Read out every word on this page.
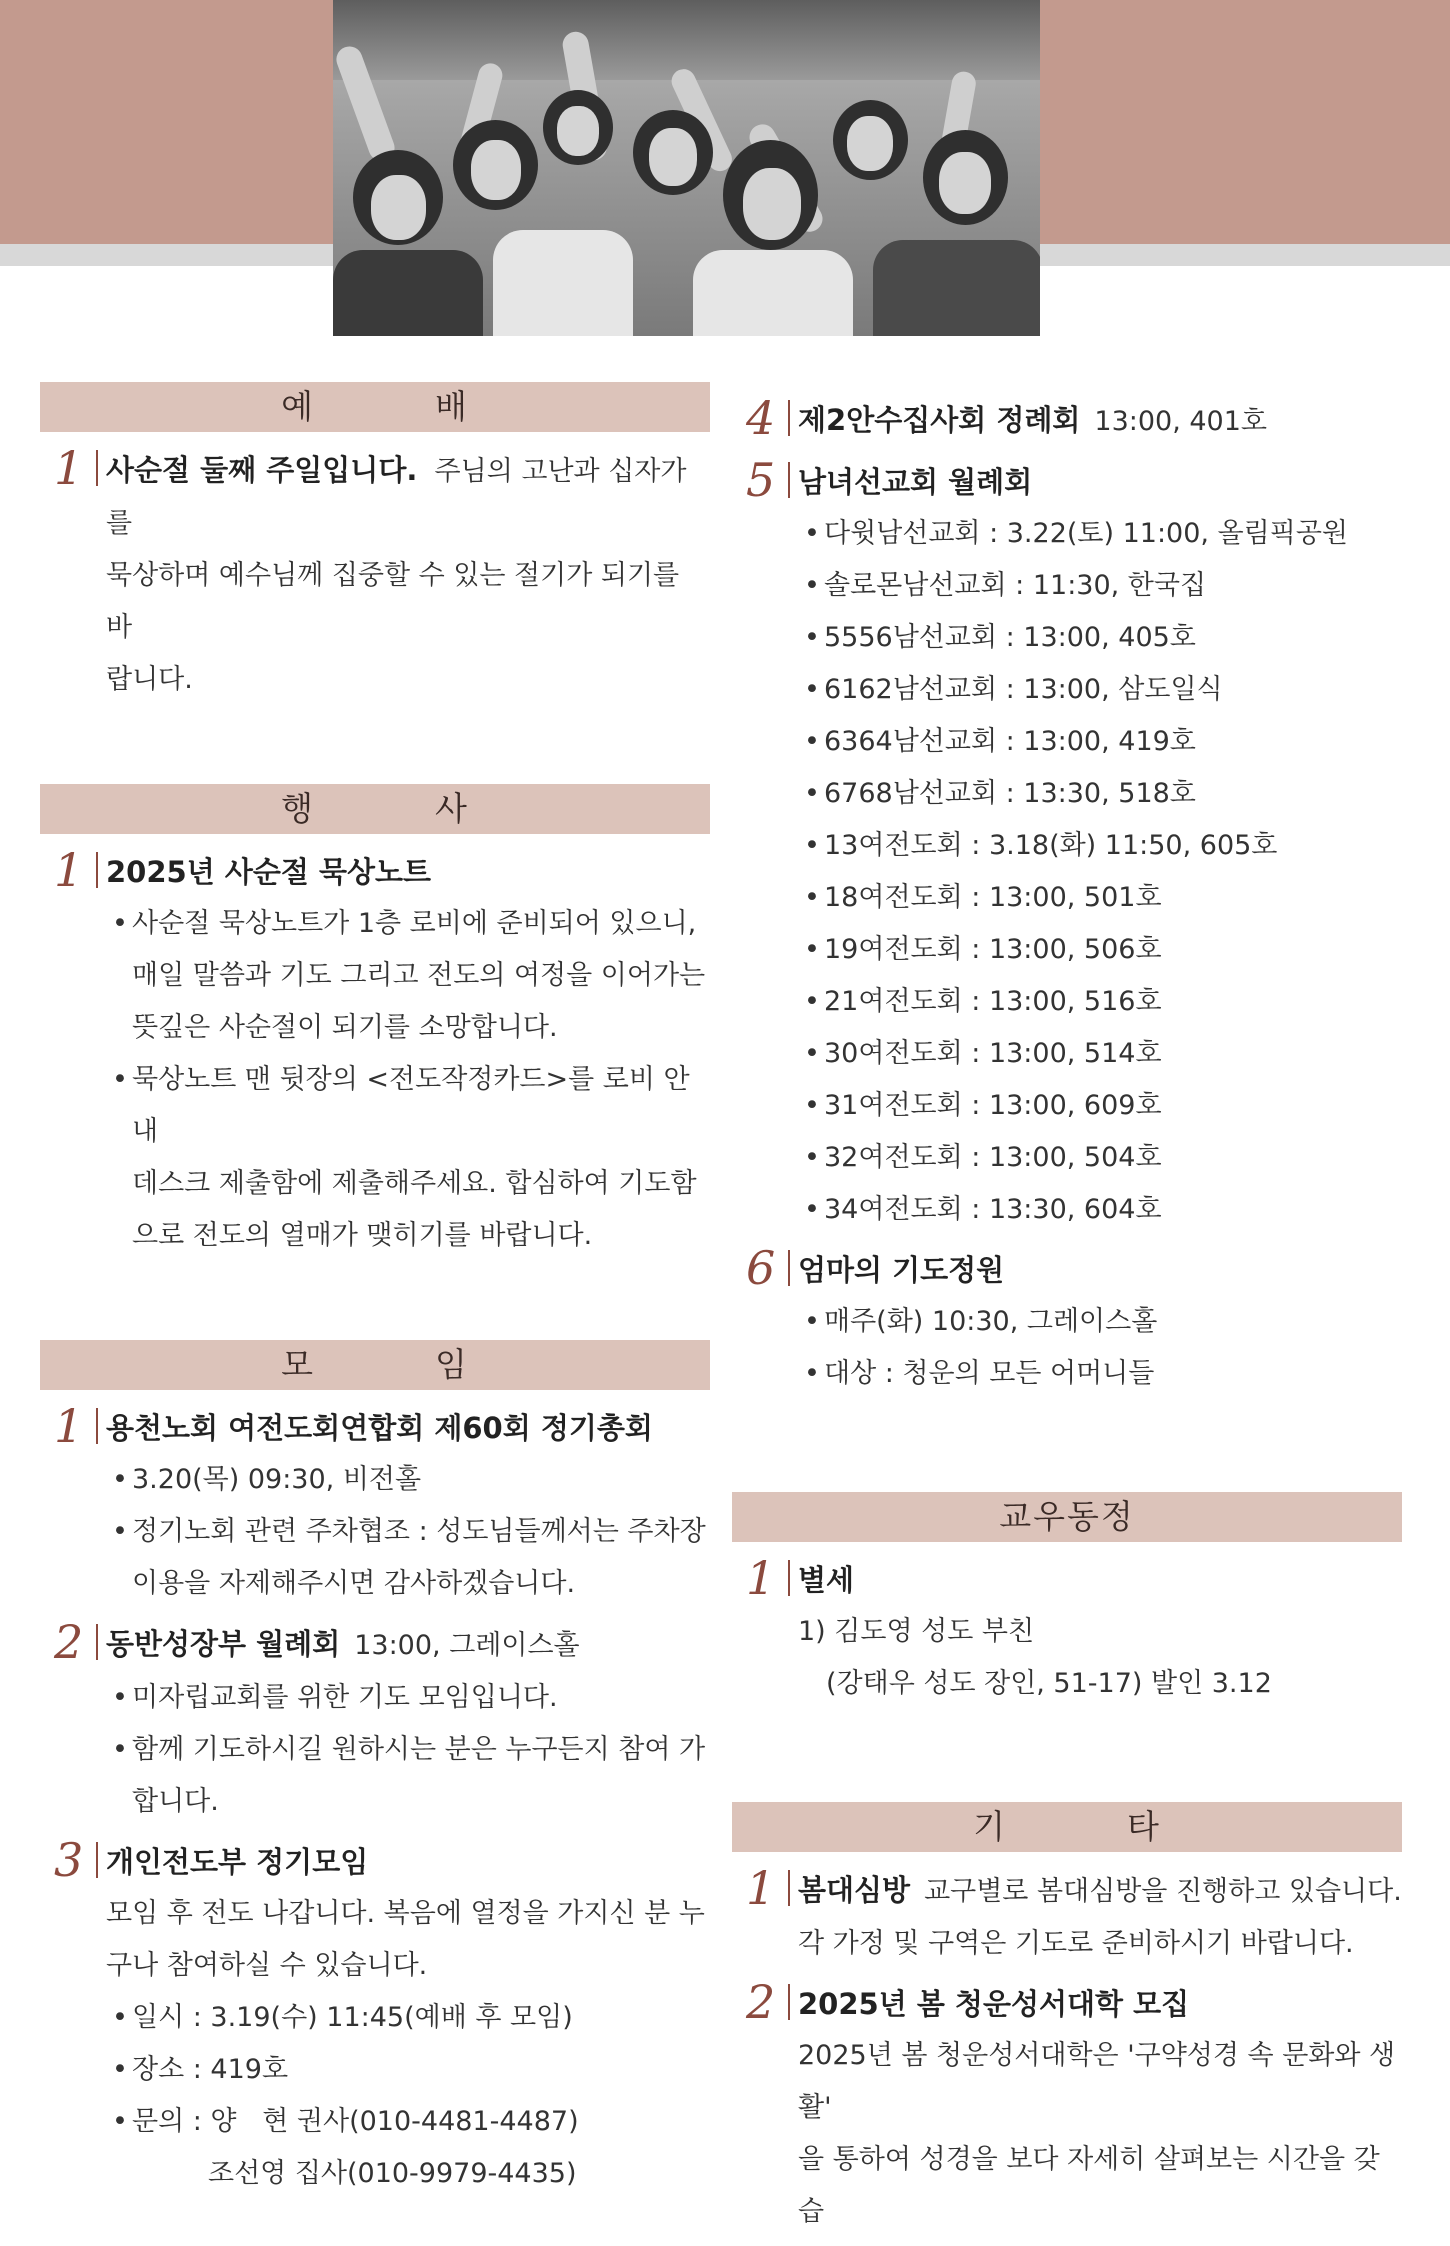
예	배
1 사순절 둘째 주일입니다. 주님의 고난과 십자가를
묵상하며 예수님께 집중할 수 있는 절기가 되기를 바
랍니다.
행	사
1 2025년 사순절 묵상노트
• 사순절 묵상노트가 1층 로비에 준비되어 있으니,
매일 말씀과 기도 그리고 전도의 여정을 이어가는
뜻깊은 사순절이 되기를 소망합니다.
• 묵상노트 맨 뒷장의 <전도작정카드>를 로비 안내
데스크 제출함에 제출해주세요. 합심하여 기도함
으로 전도의 열매가 맺히기를 바랍니다.
모	임
1 용천노회 여전도회연합회 제60회 정기총회
• 3.20(목) 09:30, 비전홀
• 정기노회 관련 주차협조 : 성도님들께서는 주차장
이용을 자제해주시면 감사하겠습니다.
2 동반성장부 월례회 13:00, 그레이스홀
• 미자립교회를 위한 기도 모임입니다.
• 함께 기도하시길 원하시는 분은 누구든지 참여 가
합니다.
3 개인전도부 정기모임
모임 후 전도 나갑니다. 복음에 열정을 가지신 분 누
구나 참여하실 수 있습니다.
• 일시 : 3.19(수) 11:45(예배 후 모임)
• 장소 : 419호
• 문의 : 양   현 권사(010-4481-4487)
조선영 집사(010-9979-4435)
4 제2안수집사회 정례회 13:00, 401호
5 남녀선교회 월례회
• 다윗남선교회 : 3.22(토) 11:00, 올림픽공원
• 솔로몬남선교회 : 11:30, 한국집
• 5556남선교회 : 13:00, 405호
• 6162남선교회 : 13:00, 삼도일식
• 6364남선교회 : 13:00, 419호
• 6768남선교회 : 13:30, 518호
• 13여전도회 : 3.18(화) 11:50, 605호
• 18여전도회 : 13:00, 501호
• 19여전도회 : 13:00, 506호
• 21여전도회 : 13:00, 516호
• 30여전도회 : 13:00, 514호
• 31여전도회 : 13:00, 609호
• 32여전도회 : 13:00, 504호
• 34여전도회 : 13:30, 604호
6 엄마의 기도정원
• 매주(화) 10:30, 그레이스홀
• 대상 : 청운의 모든 어머니들
교우동정
1 별세
1) 김도영 성도 부친
(강태우 성도 장인, 51-17) 발인 3.12
기	타
1 봄대심방 교구별로 봄대심방을 진행하고 있습니다.
각 가정 및 구역은 기도로 준비하시기 바랍니다.
2 2025년 봄 청운성서대학 모집
2025년 봄 청운성서대학은 '구약성경 속 문화와 생활'
을 통하여 성경을 보다 자세히 살펴보는 시간을 갖습
